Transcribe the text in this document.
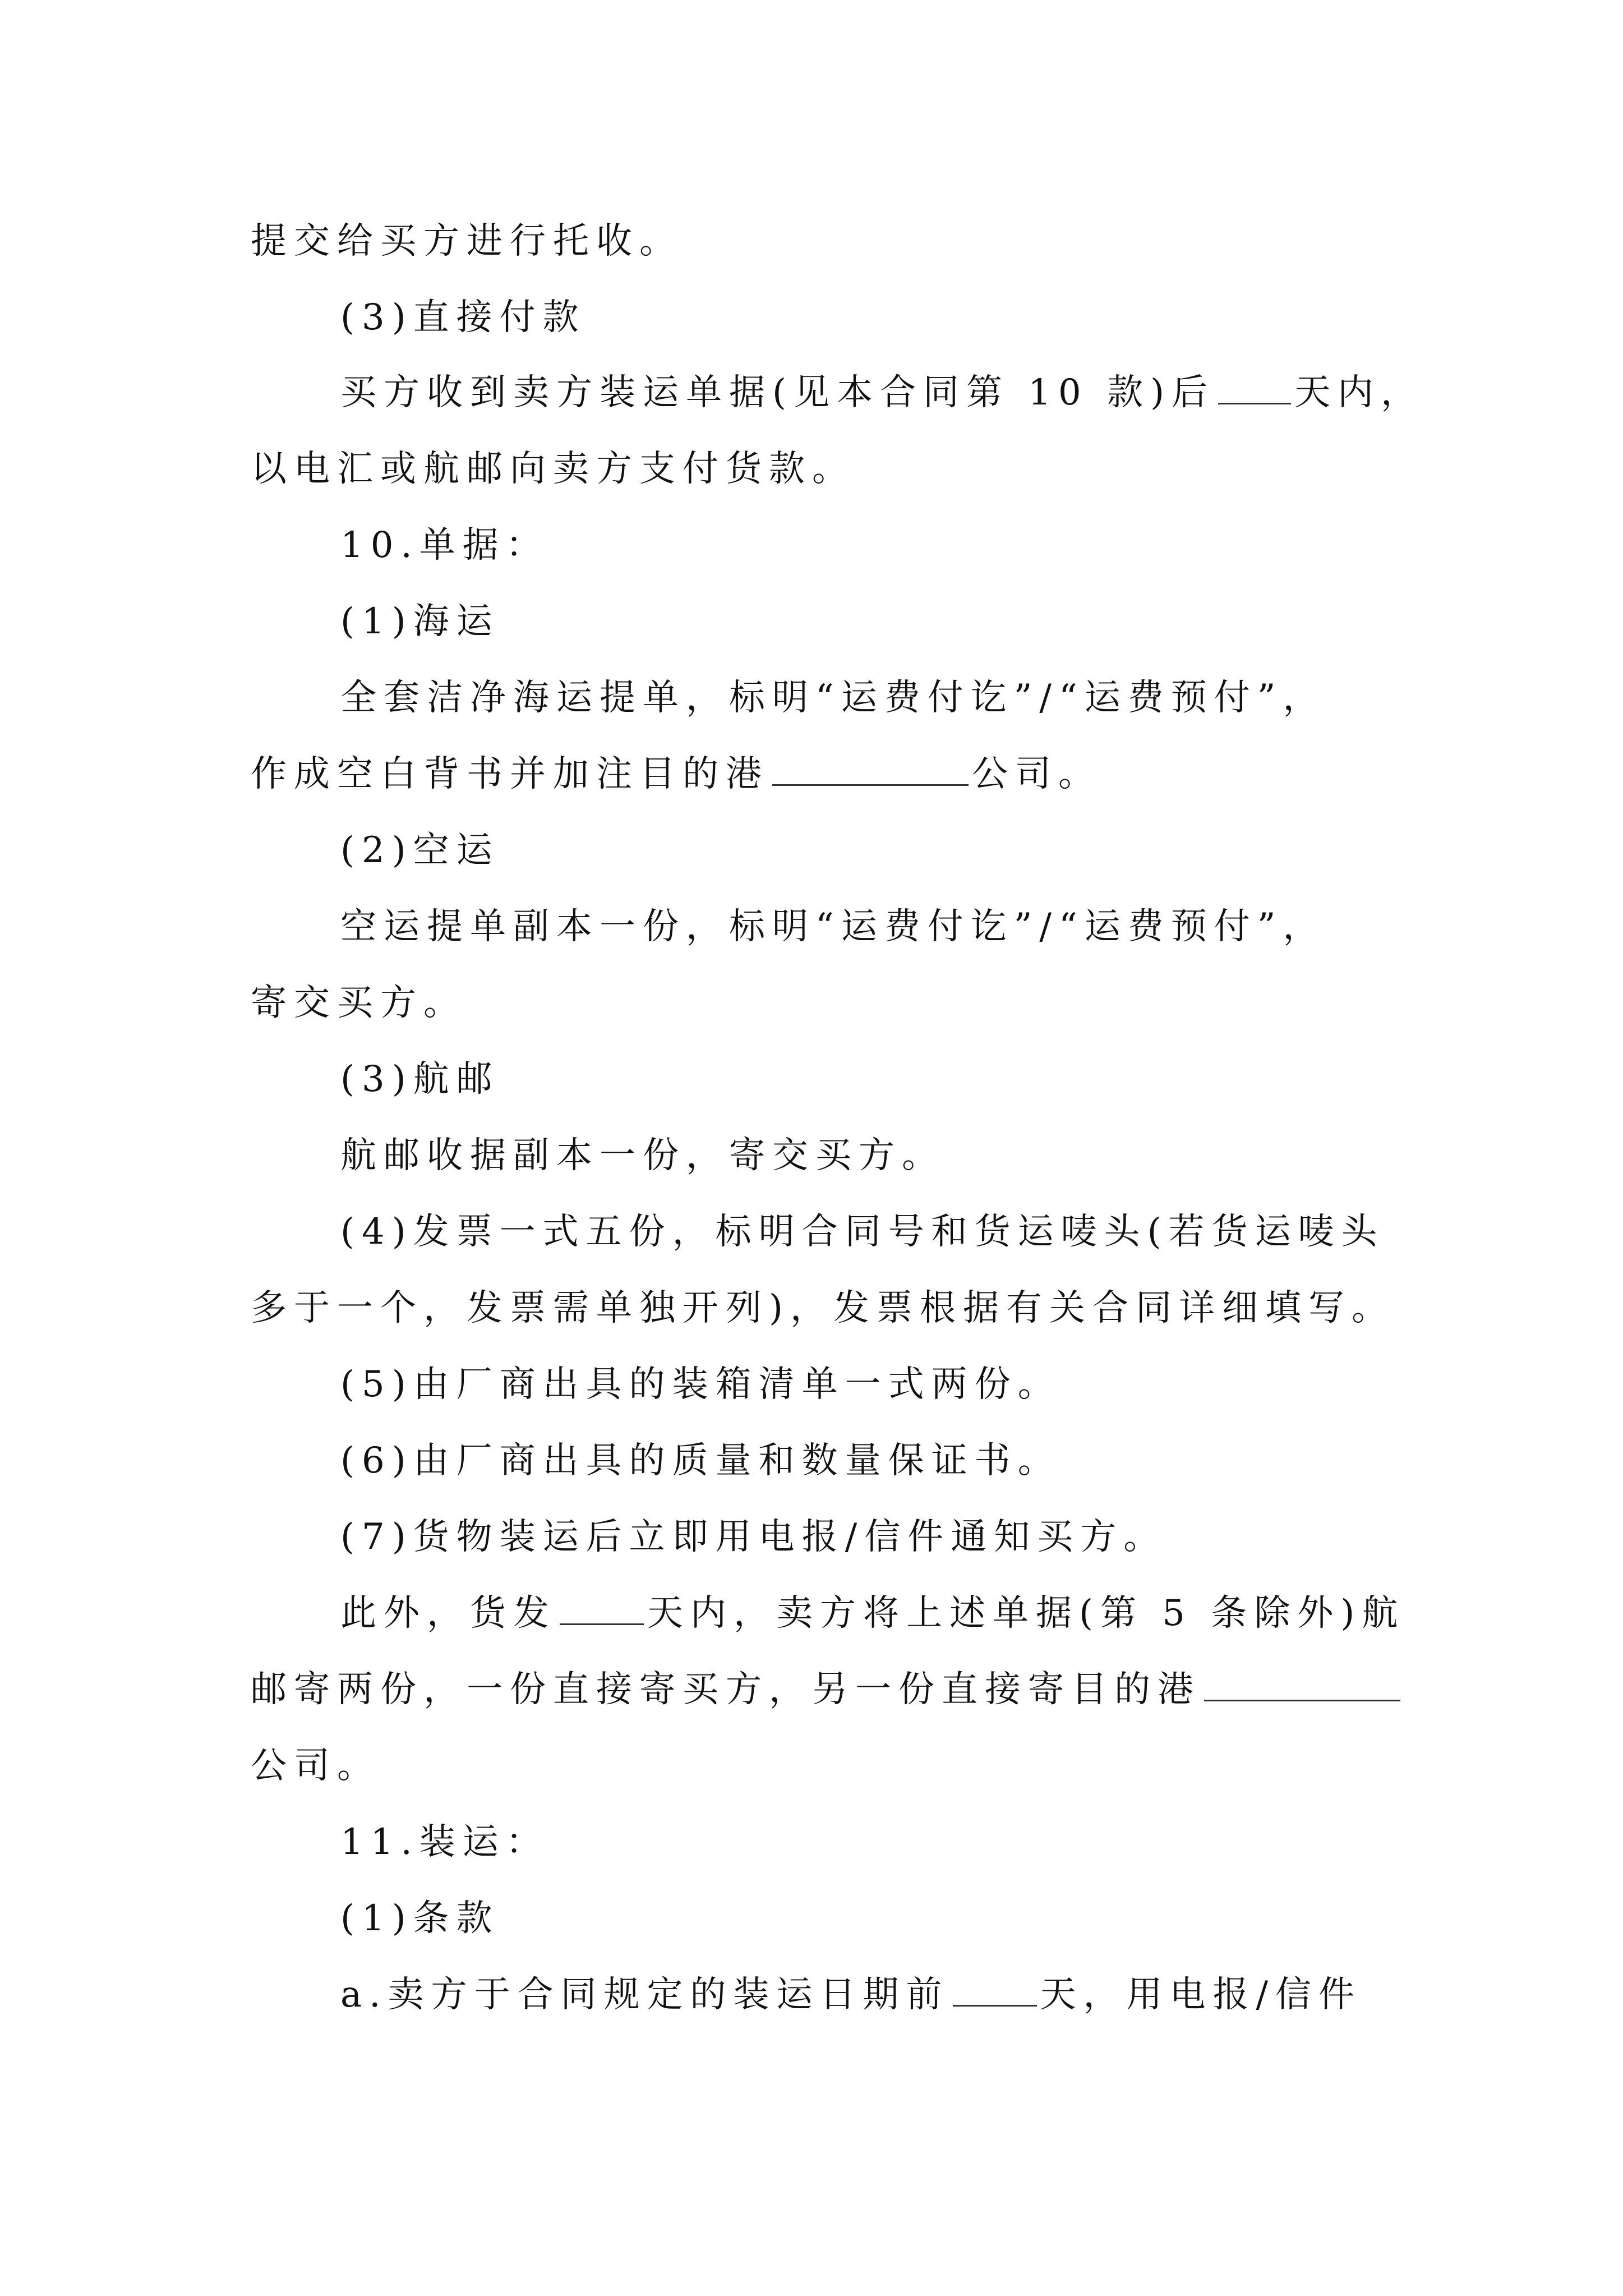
提交给买方进行托收。
(3)直接付款
买方收到卖方装运单据(见本合同第 10 款)后 天内，
以电汇或航邮向卖方支付货款。
10.单据：
(1)海运
全套洁净海运提单，标明“运费付讫”/“运费预付”，
作成空白背书并加注目的港	公司。
(2)空运
空运提单副本一份，标明“运费付讫”/“运费预付”，
寄交买方。
(3)航邮
航邮收据副本一份，寄交买方。
(4)发票一式五份，标明合同号和货运唛头(若货运唛头
多于一个，发票需单独开列)，发票根据有关合同详细填写。
(5)由厂商出具的装箱清单一式两份。
(6)由厂商出具的质量和数量保证书。
(7)货物装运后立即用电报/信件通知买方。
此外，货发	天内，卖方将上述单据(第 5 条除外)航
邮寄两份，一份直接寄买方，另一份直接寄目的港
公司。
11.装运：
(1)条款
a.卖方于合同规定的装运日期前	天，用电报/信件
